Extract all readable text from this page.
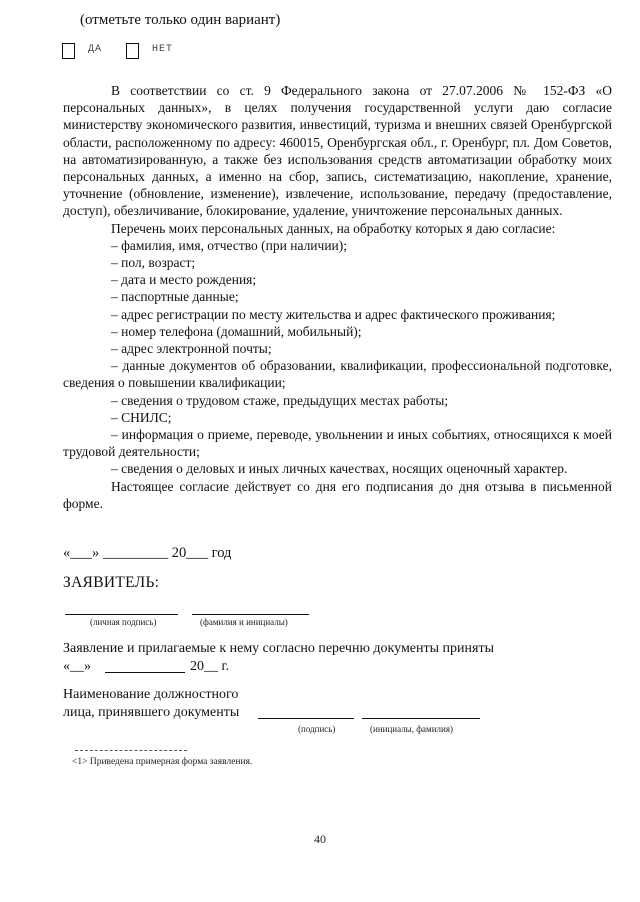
(отметьте только один вариант)
ДА	НЕТ

В соответствии со ст. 9 Федерального закона от 27.07.2006 № 152-ФЗ «О персональных данных», в целях получения государственной услуги даю согласие министерству экономического развития, инвестиций, туризма и внешних связей Оренбургской области, расположенному по адресу: 460015, Оренбургская обл., г. Оренбург, пл. Дом Советов, на автоматизированную, а также без использования средств автоматизации обработку моих персональных данных, а именно на сбор, запись, систематизацию, накопление, хранение, уточнение (обновление, изменение), извлечение, использование, передачу (предоставление, доступ), обезличивание, блокирование, удаление, уничтожение персональных данных.

Перечень моих персональных данных, на обработку которых я даю согласие:

– фамилия, имя, отчество (при наличии);

– пол, возраст;

– дата и место рождения;

– паспортные данные;

– адрес регистрации по месту жительства и адрес фактического проживания;

– номер телефона (домашний, мобильный);

– адрес электронной почты;

– данные документов об образовании, квалификации, профессиональной подготовке, сведения о повышении квалификации;

– сведения о трудовом стаже, предыдущих местах работы;

– СНИЛС;

– информация о приеме, переводе, увольнении и иных событиях, относящихся к моей трудовой деятельности;

– сведения о деловых и иных личных качествах, носящих оценочный характер.

Настоящее согласие действует со дня его подписания до дня отзыва в письменной форме.

«___» _________ 20___ год
ЗАЯВИТЕЛЬ:
(личная подпись)	(фамилия и инициалы)
Заявление и прилагаемые к нему согласно перечню документы приняты
«__»	20__ г.
Наименование должностного
лица, принявшего документы
(подпись)	(инициалы, фамилия)
<1> Приведена примерная форма заявления.
40
